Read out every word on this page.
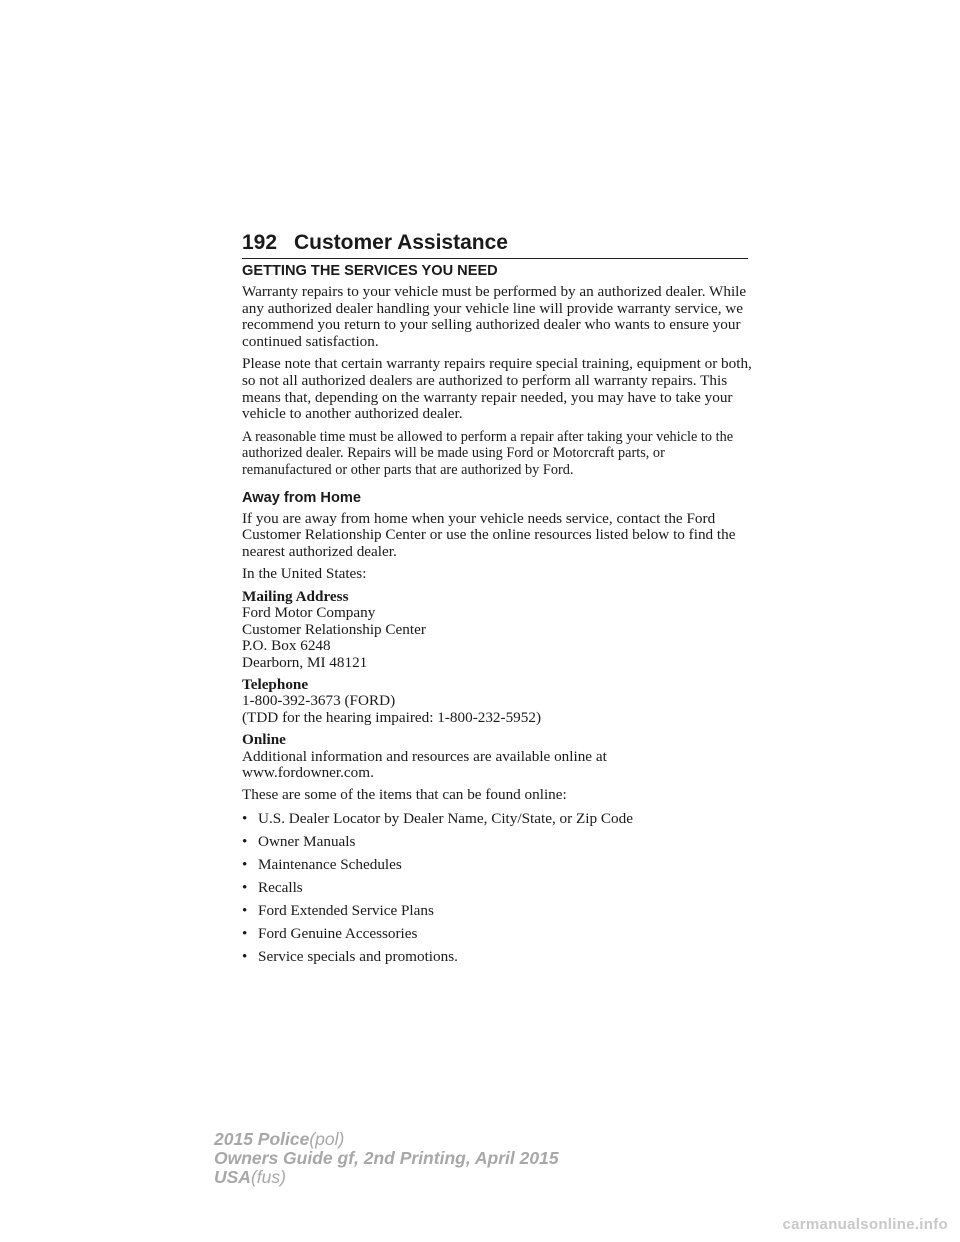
192 Customer Assistance
GETTING THE SERVICES YOU NEED

Warranty repairs to your vehicle must be performed by an authorized dealer. While any authorized dealer handling your vehicle line will provide warranty service, we recommend you return to your selling authorized dealer who wants to ensure your continued satisfaction.

Please note that certain warranty repairs require special training, equipment or both, so not all authorized dealers are authorized to perform all warranty repairs. This means that, depending on the warranty repair needed, you may have to take your vehicle to another authorized dealer.

A reasonable time must be allowed to perform a repair after taking your vehicle to the authorized dealer. Repairs will be made using Ford or Motorcraft parts, or remanufactured or other parts that are authorized by Ford.

Away from Home

If you are away from home when your vehicle needs service, contact the Ford Customer Relationship Center or use the online resources listed below to find the nearest authorized dealer.

In the United States:

Mailing Address
Ford Motor Company
Customer Relationship Center
P.O. Box 6248
Dearborn, MI 48121
Telephone
1-800-392-3673 (FORD)
(TDD for the hearing impaired: 1-800-232-5952)
Online
Additional information and resources are available online at
www.fordowner.com.

These are some of the items that can be found online:

• U.S. Dealer Locator by Dealer Name, City/State, or Zip Code
• Owner Manuals
• Maintenance Schedules
• Recalls
• Ford Extended Service Plans
• Ford Genuine Accessories
• Service specials and promotions.
2015 Police(pol)
Owners Guide gf, 2nd Printing, April 2015
USA(fus)
carmanualsonline.info
